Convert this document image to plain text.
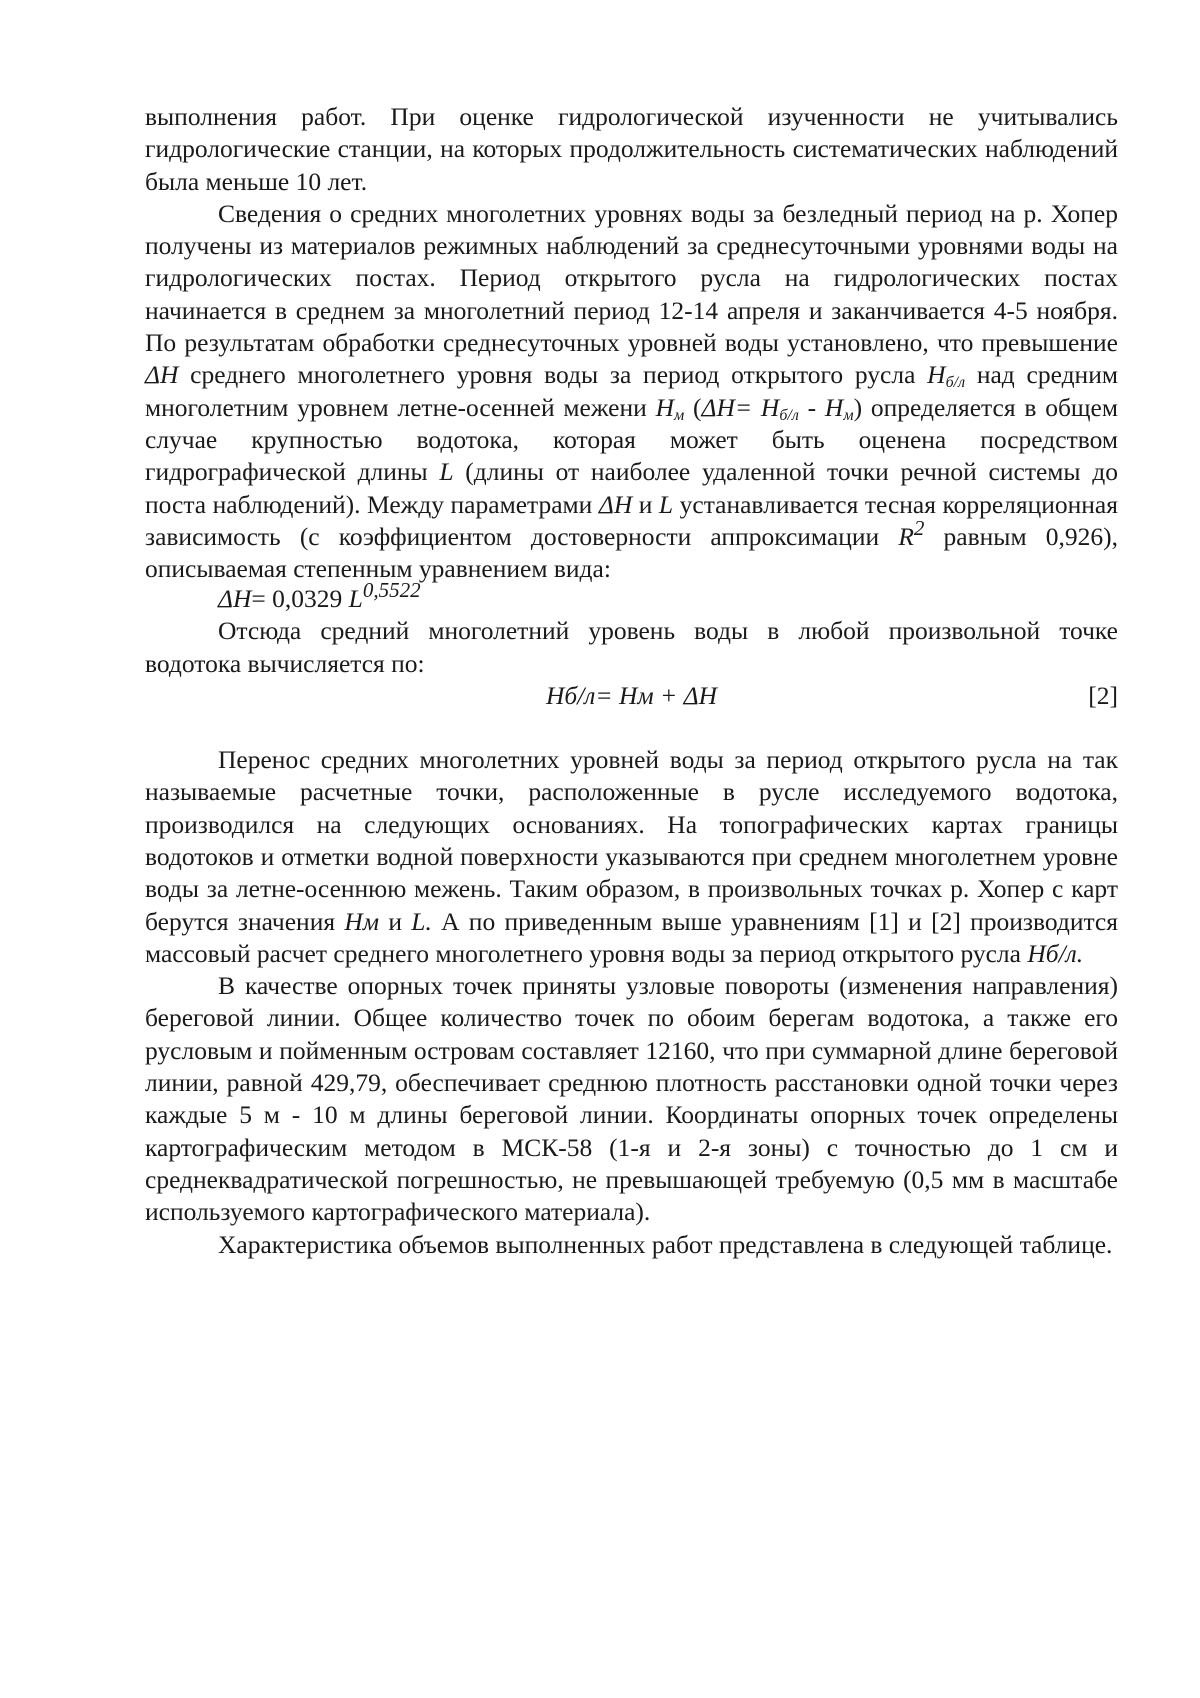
выполнения работ. При оценке гидрологической изученности не учитывались гидрологические станции, на которых продолжительность систематических наблюдений была меньше 10 лет.

Сведения о средних многолетних уровнях воды за безледный период на р. Хопер получены из материалов режимных наблюдений за среднесуточными уровнями воды на гидрологических постах. Период открытого русла на гидрологических постах начинается в среднем за многолетний период 12-14 апреля и заканчивается 4-5 ноября. По результатам обработки среднесуточных уровней воды установлено, что превышение ΔH среднего многолетнего уровня воды за период открытого русла $H_{б/л}$ над средним многолетним уровнем летне-осенней межени $H_м$ $(\Delta H= H_{б/л} - H_м)$ определяется в общем случае крупностью водотока, которая может быть оценена посредством гидрографической длины L (длины от наиболее удаленной точки речной системы до поста наблюдений). Между параметрами ΔH и L устанавливается тесная корреляционная зависимость (с коэффициентом достоверности аппроксимации $R^2$ равным 0,926), описываемая степенным уравнением вида:

ΔH= 0,0329 $L^{0,5522}$

Отсюда средний многолетний уровень воды в любой произвольной точке водотока вычисляется по:

Hб/л= Hм + ΔH	[2]

Перенос средних многолетних уровней воды за период открытого русла на так называемые расчетные точки, расположенные в русле исследуемого водотока, производился на следующих основаниях. На топографических картах границы водотоков и отметки водной поверхности указываются при среднем многолетнем уровне воды за летне-осеннюю межень. Таким образом, в произвольных точках р. Хопер с карт берутся значения Hм и L. А по приведенным выше уравнениям [1] и [2] производится массовый расчет среднего многолетнего уровня воды за период открытого русла Hб/л.

В качестве опорных точек приняты узловые повороты (изменения направления) береговой линии. Общее количество точек по обоим берегам водотока, а также его русловым и пойменным островам составляет 12160, что при суммарной длине береговой линии, равной 429,79, обеспечивает среднюю плотность расстановки одной точки через каждые 5 м - 10 м длины береговой линии. Координаты опорных точек определены картографическим методом в МСК-58 (1-я и 2-я зоны) с точностью до 1 см и среднеквадратической погрешностью, не превышающей требуемую (0,5 мм в масштабе используемого картографического материала).

Характеристика объемов выполненных работ представлена в следующей таблице.
